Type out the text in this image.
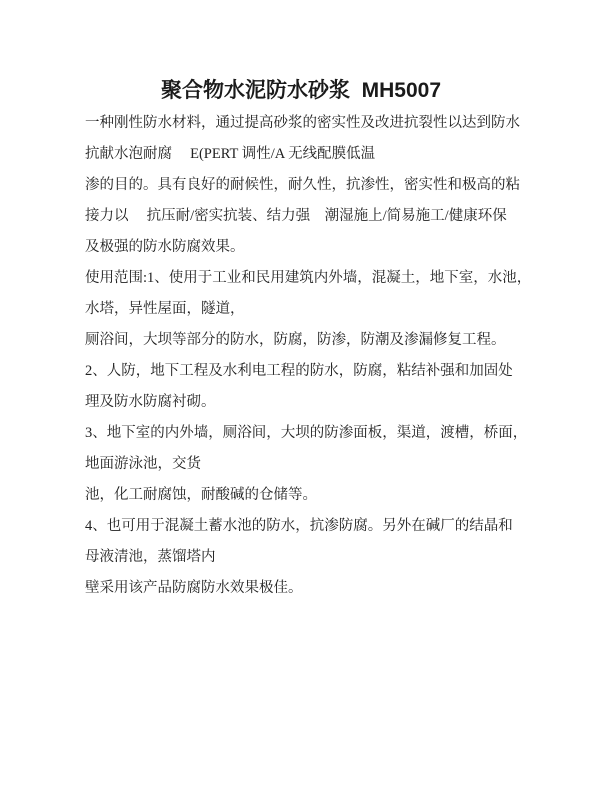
聚合物水泥防水砂浆  MH5007
一种刚性防水材料，通过提高砂浆的密实性及改进抗裂性以达到防水
抗献水泡耐腐　 E(PERT 调性/A 无线配膜低温
渗的目的。具有良好的耐候性，耐久性，抗渗性，密实性和极高的粘
接力以　 抗压耐/密实抗装、结力强　潮湿施上/简易施工/健康环保
及极强的防水防腐效果。
使用范围:1、使用于工业和民用建筑内外墙，混凝土，地下室，水池，
水塔，异性屋面，隧道，
厕浴间，大坝等部分的防水，防腐，防渗，防潮及渗漏修复工程。
2、人防，地下工程及水利电工程的防水，防腐，粘结补强和加固处
理及防水防腐衬砌。
3、地下室的内外墙，厕浴间，大坝的防渗面板，渠道，渡槽，桥面，
地面游泳池，交货
池，化工耐腐蚀，耐酸碱的仓储等。
4、也可用于混凝土蓄水池的防水，抗渗防腐。另外在碱厂的结晶和
母液清池，蒸馏塔内
壁采用该产品防腐防水效果极佳。
